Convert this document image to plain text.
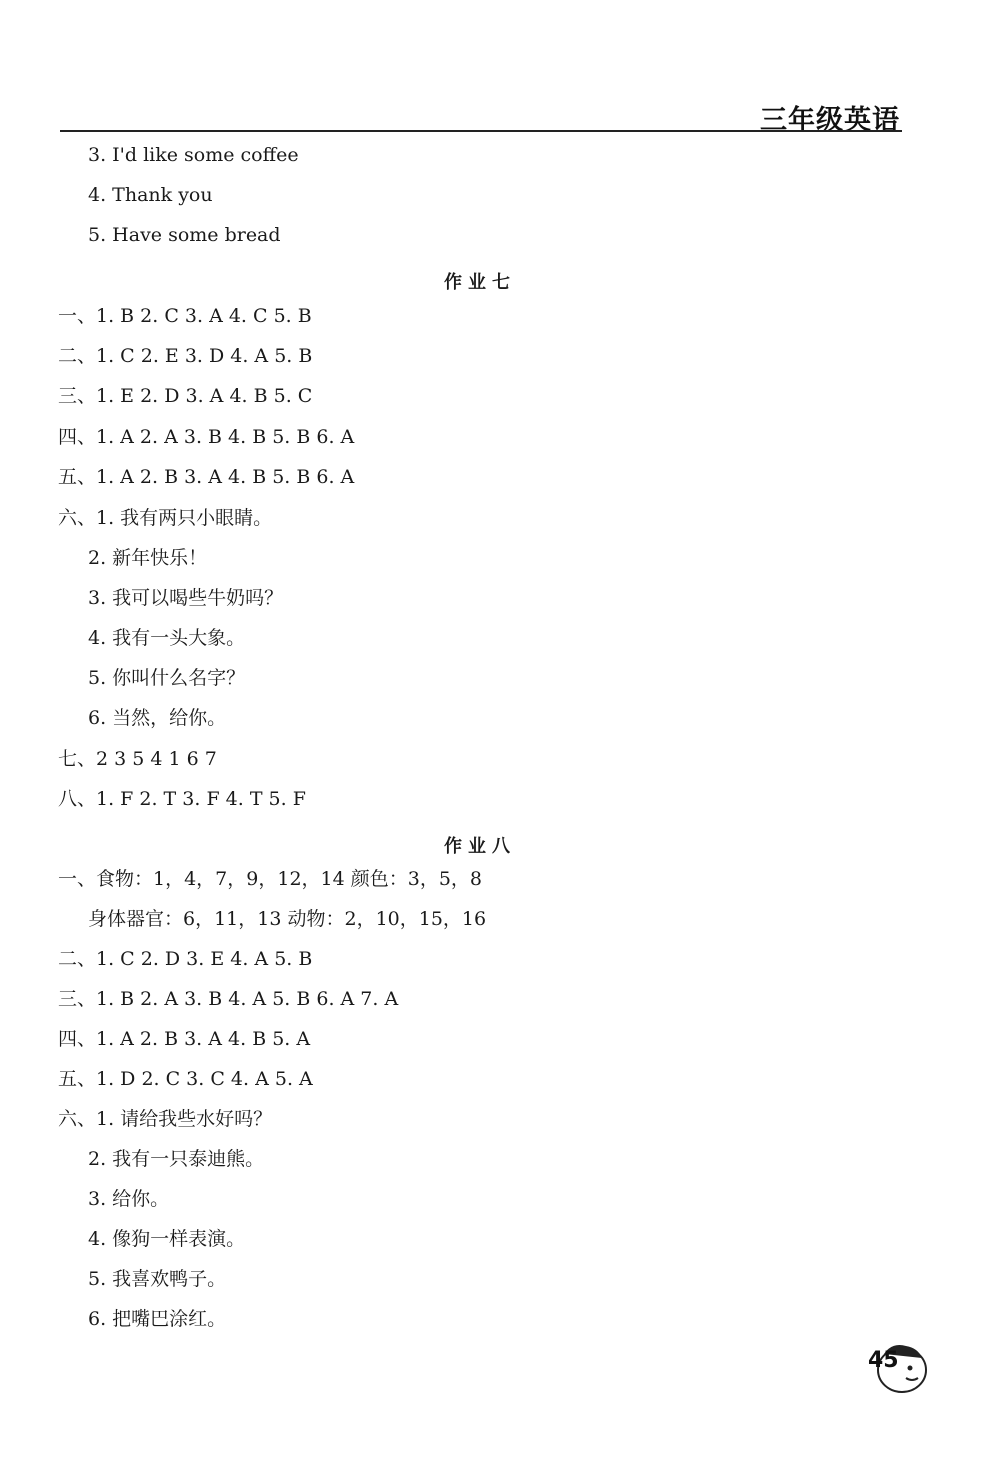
三年级英语
3. I'd like some coffee
4. Thank you
5. Have some bread
作业七
一、1. B 2. C 3. A 4. C 5. B
二、1. C 2. E 3. D 4. A 5. B
三、1. E 2. D 3. A 4. B 5. C
四、1. A 2. A 3. B 4. B 5. B 6. A
五、1. A 2. B 3. A 4. B 5. B 6. A
六、1. 我有两只小眼睛。
2. 新年快乐！
3. 我可以喝些牛奶吗？
4. 我有一头大象。
5. 你叫什么名字？
6. 当然，给你。
七、2 3 5 4 1 6 7
八、1. F 2. T 3. F 4. T 5. F
作业八
一、食物：1，4，7，9，12，14 颜色：3，5，8
身体器官：6，11，13 动物：2，10，15，16
二、1. C 2. D 3. E 4. A 5. B
三、1. B 2. A 3. B 4. A 5. B 6. A 7. A
四、1. A 2. B 3. A 4. B 5. A
五、1. D 2. C 3. C 4. A 5. A
六、1. 请给我些水好吗？
2. 我有一只泰迪熊。
3. 给你。
4. 像狗一样表演。
5. 我喜欢鸭子。
6. 把嘴巴涂红。
45
